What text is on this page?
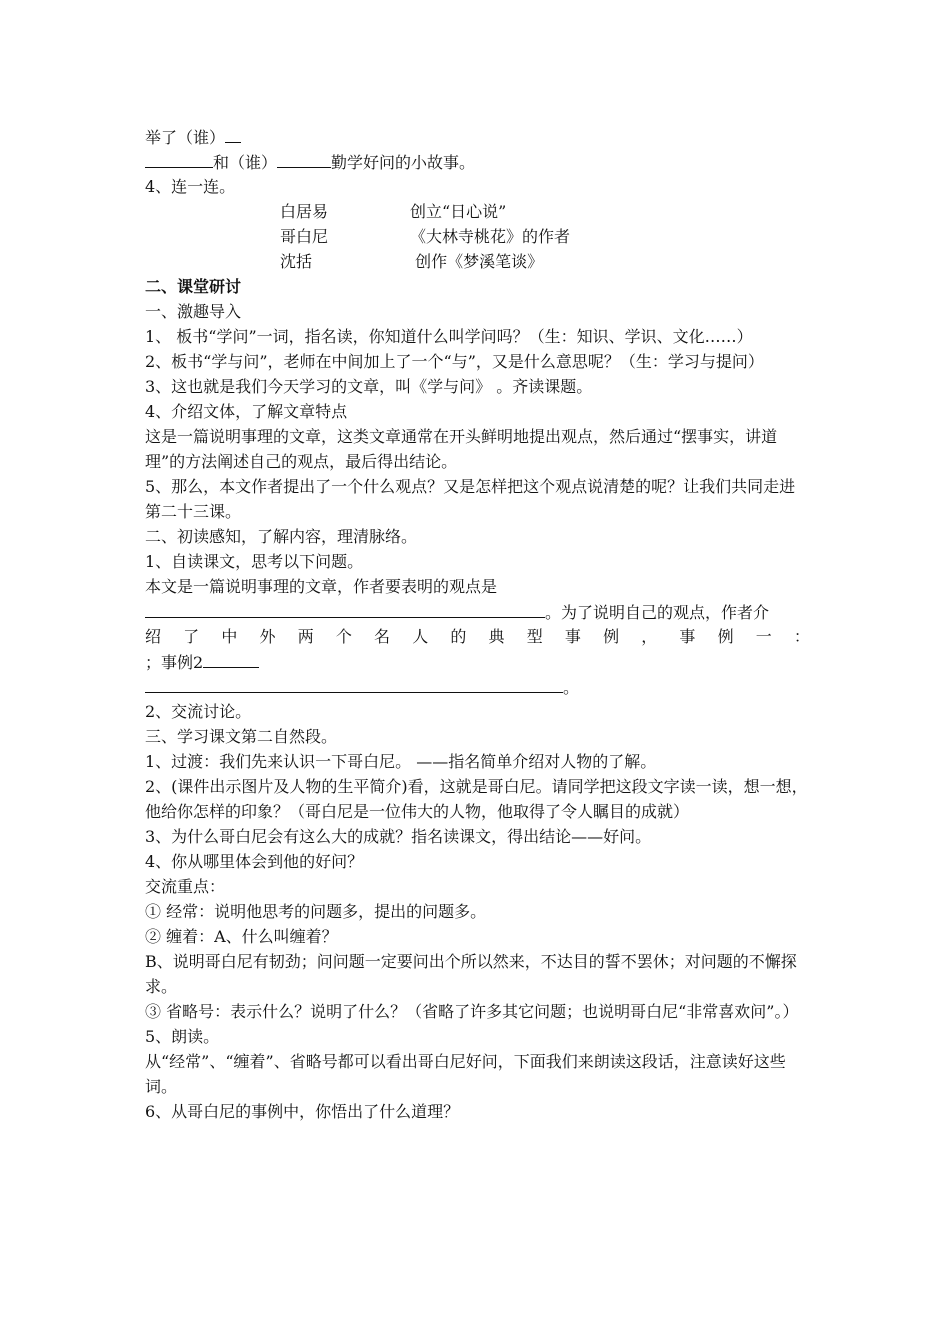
举了（谁）
和（谁）	勤学好问的小故事。
4、连一连。
白居易	创立“日心说”
哥白尼	《大林寺桃花》的作者
沈括	创作《梦溪笔谈》
二、课堂研讨
一、激趣导入
1、 板书“学问”一词，指名读，你知道什么叫学问吗？（生：知识、学识、文化……）
2、板书“学与问”，老师在中间加上了一个“与”，又是什么意思呢？（生：学习与提问）
3、这也就是我们今天学习的文章，叫《学与问》 。齐读课题。
4、介绍文体，了解文章特点
这是一篇说明事理的文章，这类文章通常在开头鲜明地提出观点，然后通过“摆事实，讲道理”的方法阐述自己的观点，最后得出结论。
5、那么，本文作者提出了一个什么观点？又是怎样把这个观点说清楚的呢？让我们共同走进第二十三课。
二、初读感知，了解内容，理清脉络。
1、自读课文，思考以下问题。
本文是一篇说明事理的文章，作者要表明的观点是
。为了说明自己的观点，作者介
绍 了 中 外 两 个 名 人 的 典 型 事 例 ， 事 例 一 ：
；事例2
。
2、交流讨论。
三、学习课文第二自然段。
1、过渡：我们先来认识一下哥白尼。 ——指名简单介绍对人物的了解。
2、(课件出示图片及人物的生平简介)看，这就是哥白尼。请同学把这段文字读一读，想一想，他给你怎样的印象？（哥白尼是一位伟大的人物，他取得了令人瞩目的成就）
3、为什么哥白尼会有这么大的成就？指名读课文，得出结论——好问。
4、你从哪里体会到他的好问？
交流重点：
① 经常：说明他思考的问题多，提出的问题多。
② 缠着：A、什么叫缠着？
B、说明哥白尼有韧劲；问问题一定要问出个所以然来，不达目的誓不罢休；对问题的不懈探求。
③ 省略号：表示什么？说明了什么？（省略了许多其它问题；也说明哥白尼“非常喜欢问”。）
5、朗读。
从“经常”、“缠着”、省略号都可以看出哥白尼好问，下面我们来朗读这段话，注意读好这些词。
6、从哥白尼的事例中，你悟出了什么道理？
